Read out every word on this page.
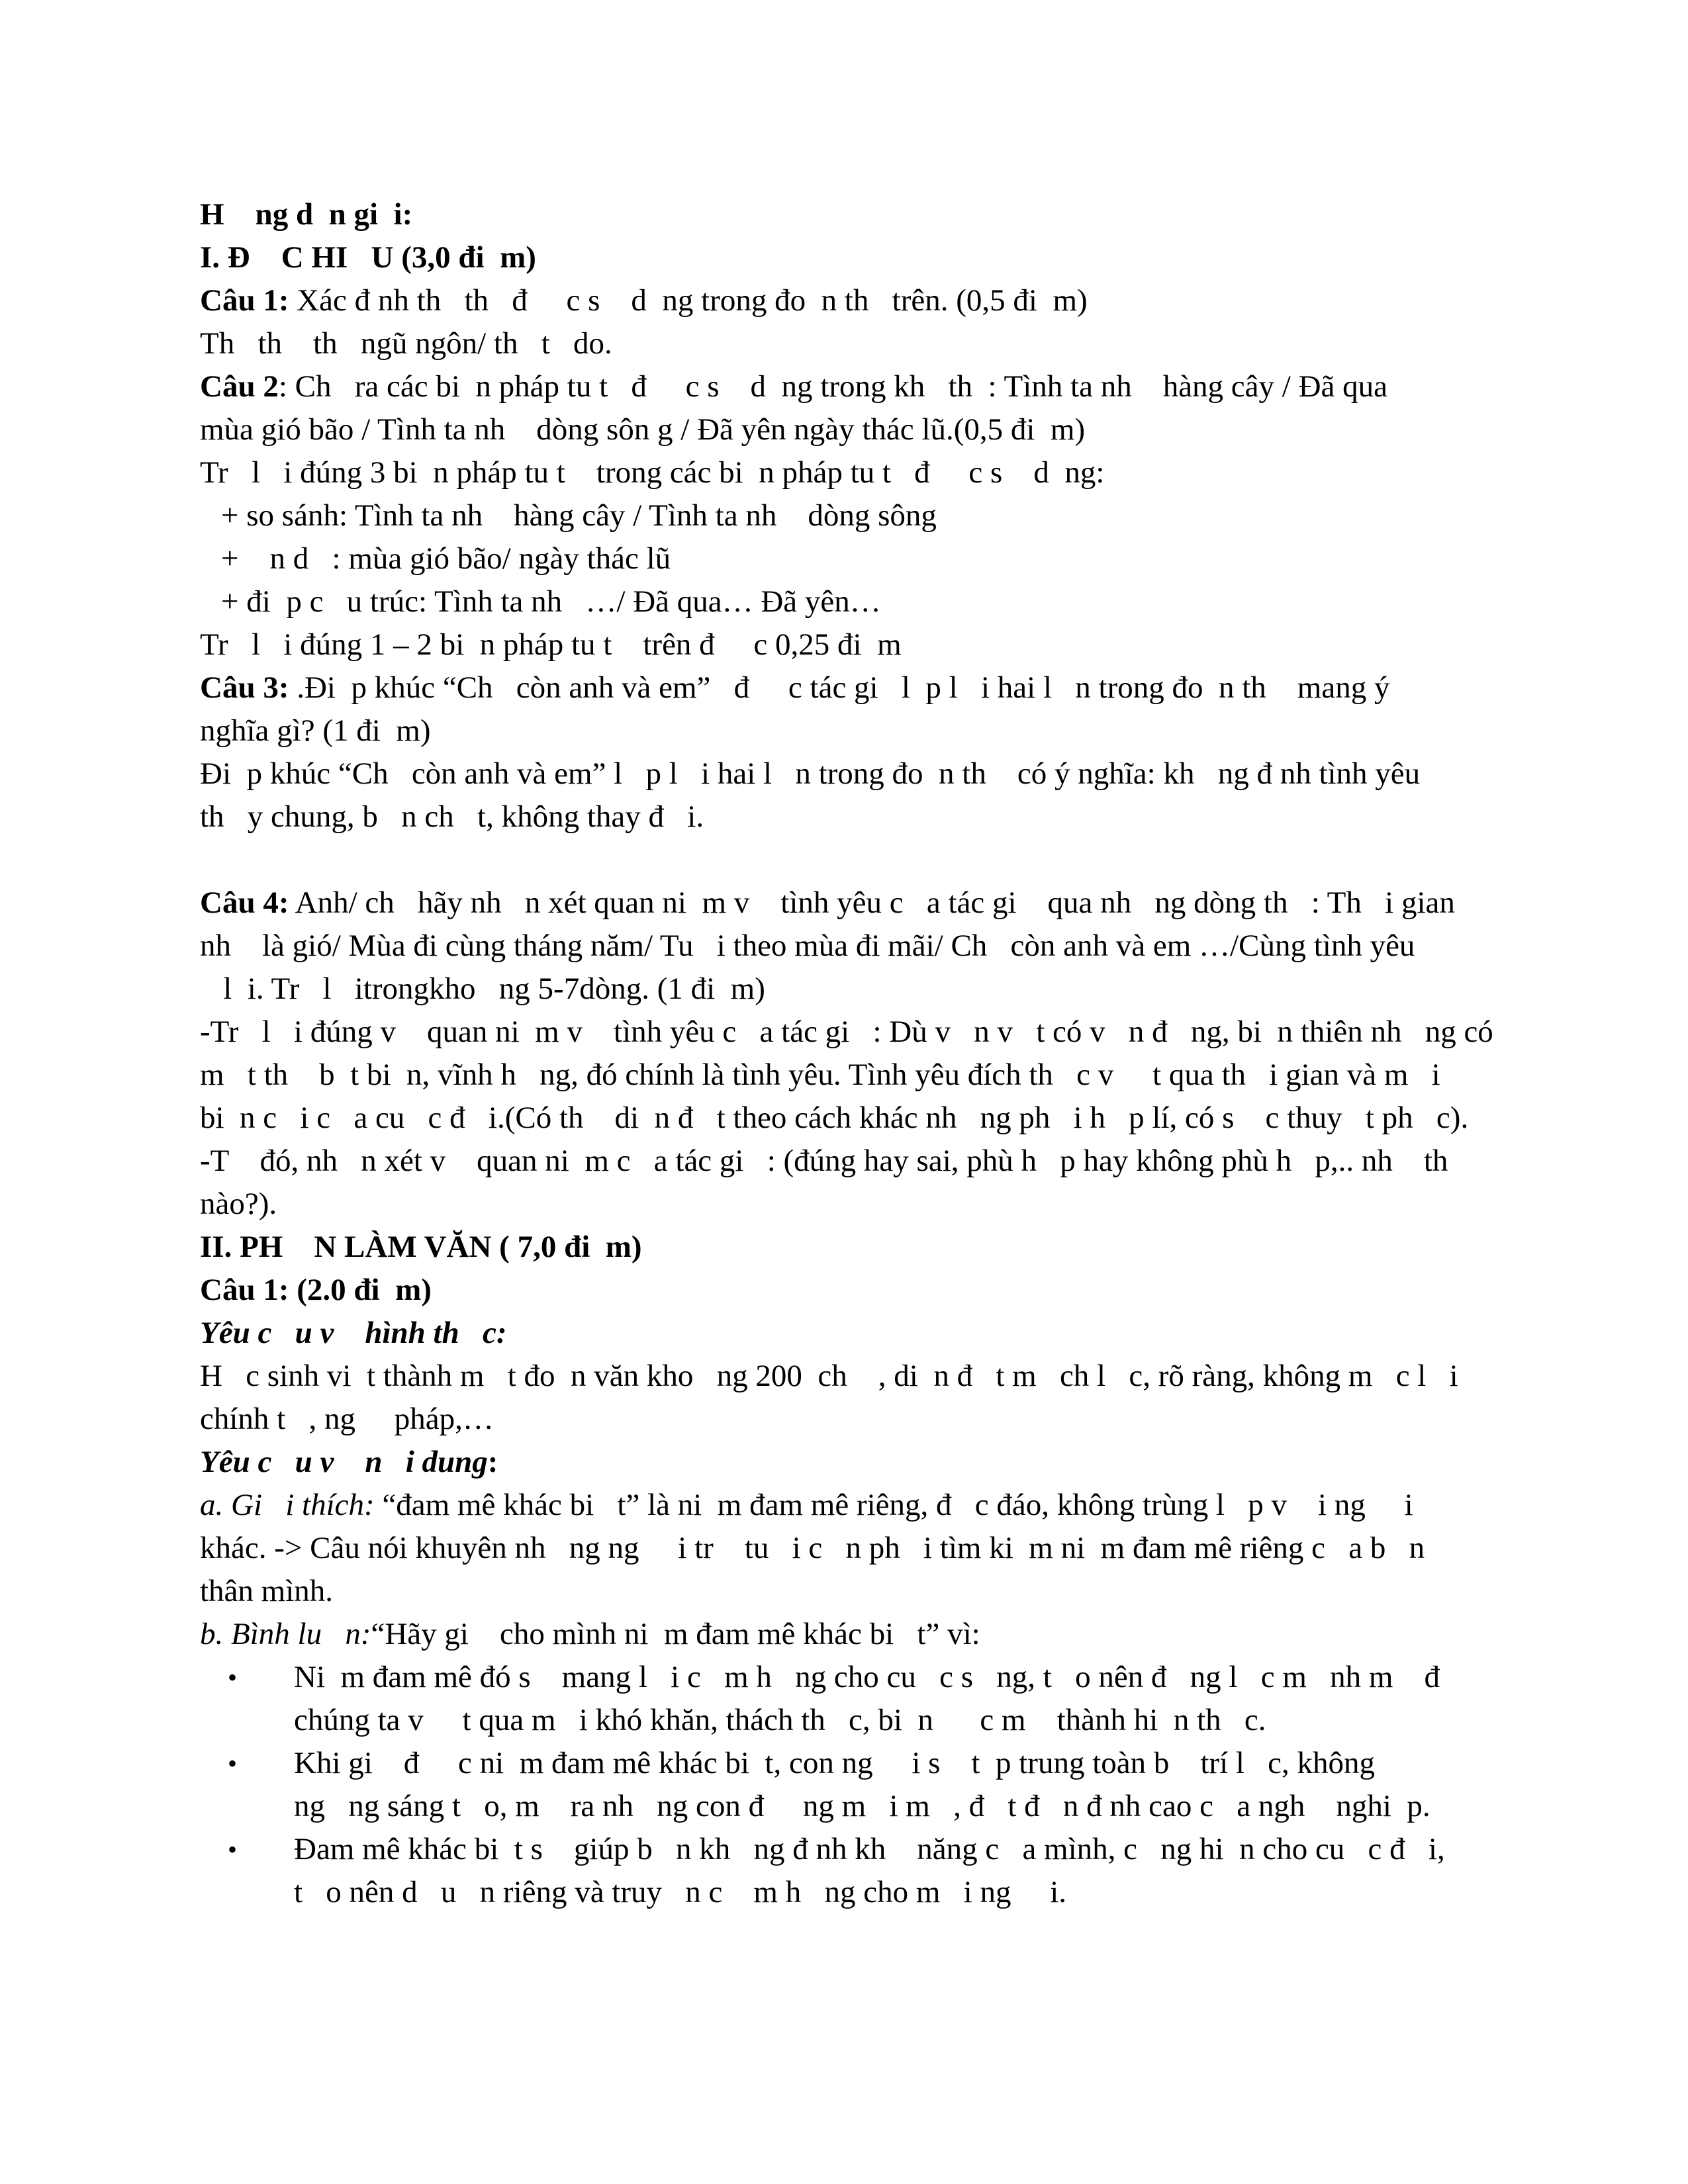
H    ng d  n gi  i:
I. Đ    C HI   U (3,0 đi  m)
Câu 1: Xác đ nh th   th   đ     c s    d  ng trong đo  n th   trên. (0,5 đi  m)
Th   th    th   ngũ ngôn/ th   t   do.
Câu 2: Ch   ra các bi  n pháp tu t   đ     c s    d  ng trong kh   th  : Tình ta nh    hàng cây / Đã qua
mùa gió bão / Tình ta nh    dòng sôn g / Đã yên ngày thác lũ.(0,5 đi  m)
Tr   l   i đúng 3 bi  n pháp tu t    trong các bi  n pháp tu t   đ     c s    d  ng:
+ so sánh: Tình ta nh    hàng cây / Tình ta nh    dòng sông
+    n d   : mùa gió bão/ ngày thác lũ
+ đi  p c   u trúc: Tình ta nh   …/ Đã qua… Đã yên…
Tr   l   i đúng 1 – 2 bi  n pháp tu t    trên đ     c 0,25 đi  m
Câu 3: .Đi  p khúc “Ch   còn anh và em”   đ     c tác gi   l  p l   i hai l   n trong đo  n th    mang ý
nghĩa gì? (1 đi  m)
Đi  p khúc “Ch   còn anh và em” l   p l   i hai l   n trong đo  n th    có ý nghĩa: kh   ng đ nh tình yêu
th   y chung, b   n ch   t, không thay đ   i.
Câu 4: Anh/ ch   hãy nh   n xét quan ni  m v    tình yêu c   a tác gi    qua nh   ng dòng th   : Th   i gian
nh    là gió/ Mùa đi cùng tháng năm/ Tu   i theo mùa đi mãi/ Ch   còn anh và em …/Cùng tình yêu
l  i. Tr   l   itrongkho   ng 5-7dòng. (1 đi  m)
-Tr   l   i đúng v    quan ni  m v    tình yêu c   a tác gi   : Dù v   n v   t có v   n đ   ng, bi  n thiên nh   ng có
m   t th    b  t bi  n, vĩnh h   ng, đó chính là tình yêu. Tình yêu đích th   c v     t qua th   i gian và m   i
bi  n c   i c   a cu   c đ   i.(Có th    di  n đ   t theo cách khác nh   ng ph   i h   p lí, có s    c thuy   t ph   c).
-T    đó, nh   n xét v    quan ni  m c   a tác gi   : (đúng hay sai, phù h   p hay không phù h   p,.. nh    th
nào?).
II. PH    N LÀM VĂN ( 7,0 đi  m)
Câu 1: (2.0 đi  m)
Yêu c   u v    hình th   c:
H   c sinh vi  t thành m   t đo  n văn kho   ng 200  ch    , di  n đ   t m   ch l   c, rõ ràng, không m   c l   i
chính t   , ng     pháp,…
Yêu c   u v    n   i dung:
a. Gi   i thích: “đam mê khác bi   t” là ni  m đam mê riêng, đ   c đáo, không trùng l   p v    i ng     i
khác. -> Câu nói khuyên nh   ng ng     i tr    tu   i c   n ph   i tìm ki  m ni  m đam mê riêng c   a b   n
thân mình.
b. Bình lu   n:“Hãy gi    cho mình ni  m đam mê khác bi   t” vì:
• Ni  m đam mê đó s    mang l   i c   m h   ng cho cu   c s   ng, t   o nên đ   ng l   c m   nh m    đ
chúng ta v     t qua m   i khó khăn, thách th   c, bi  n      c m    thành hi  n th   c.
• Khi gi    đ     c ni  m đam mê khác bi  t, con ng     i s    t  p trung toàn b    trí l   c, không
ng   ng sáng t   o, m    ra nh   ng con đ     ng m   i m   , đ   t đ   n đ nh cao c   a ngh    nghi  p.
• Đam mê khác bi  t s    giúp b   n kh   ng đ nh kh    năng c   a mình, c   ng hi  n cho cu   c đ   i,
t   o nên d   u   n riêng và truy   n c    m h   ng cho m   i ng     i.
